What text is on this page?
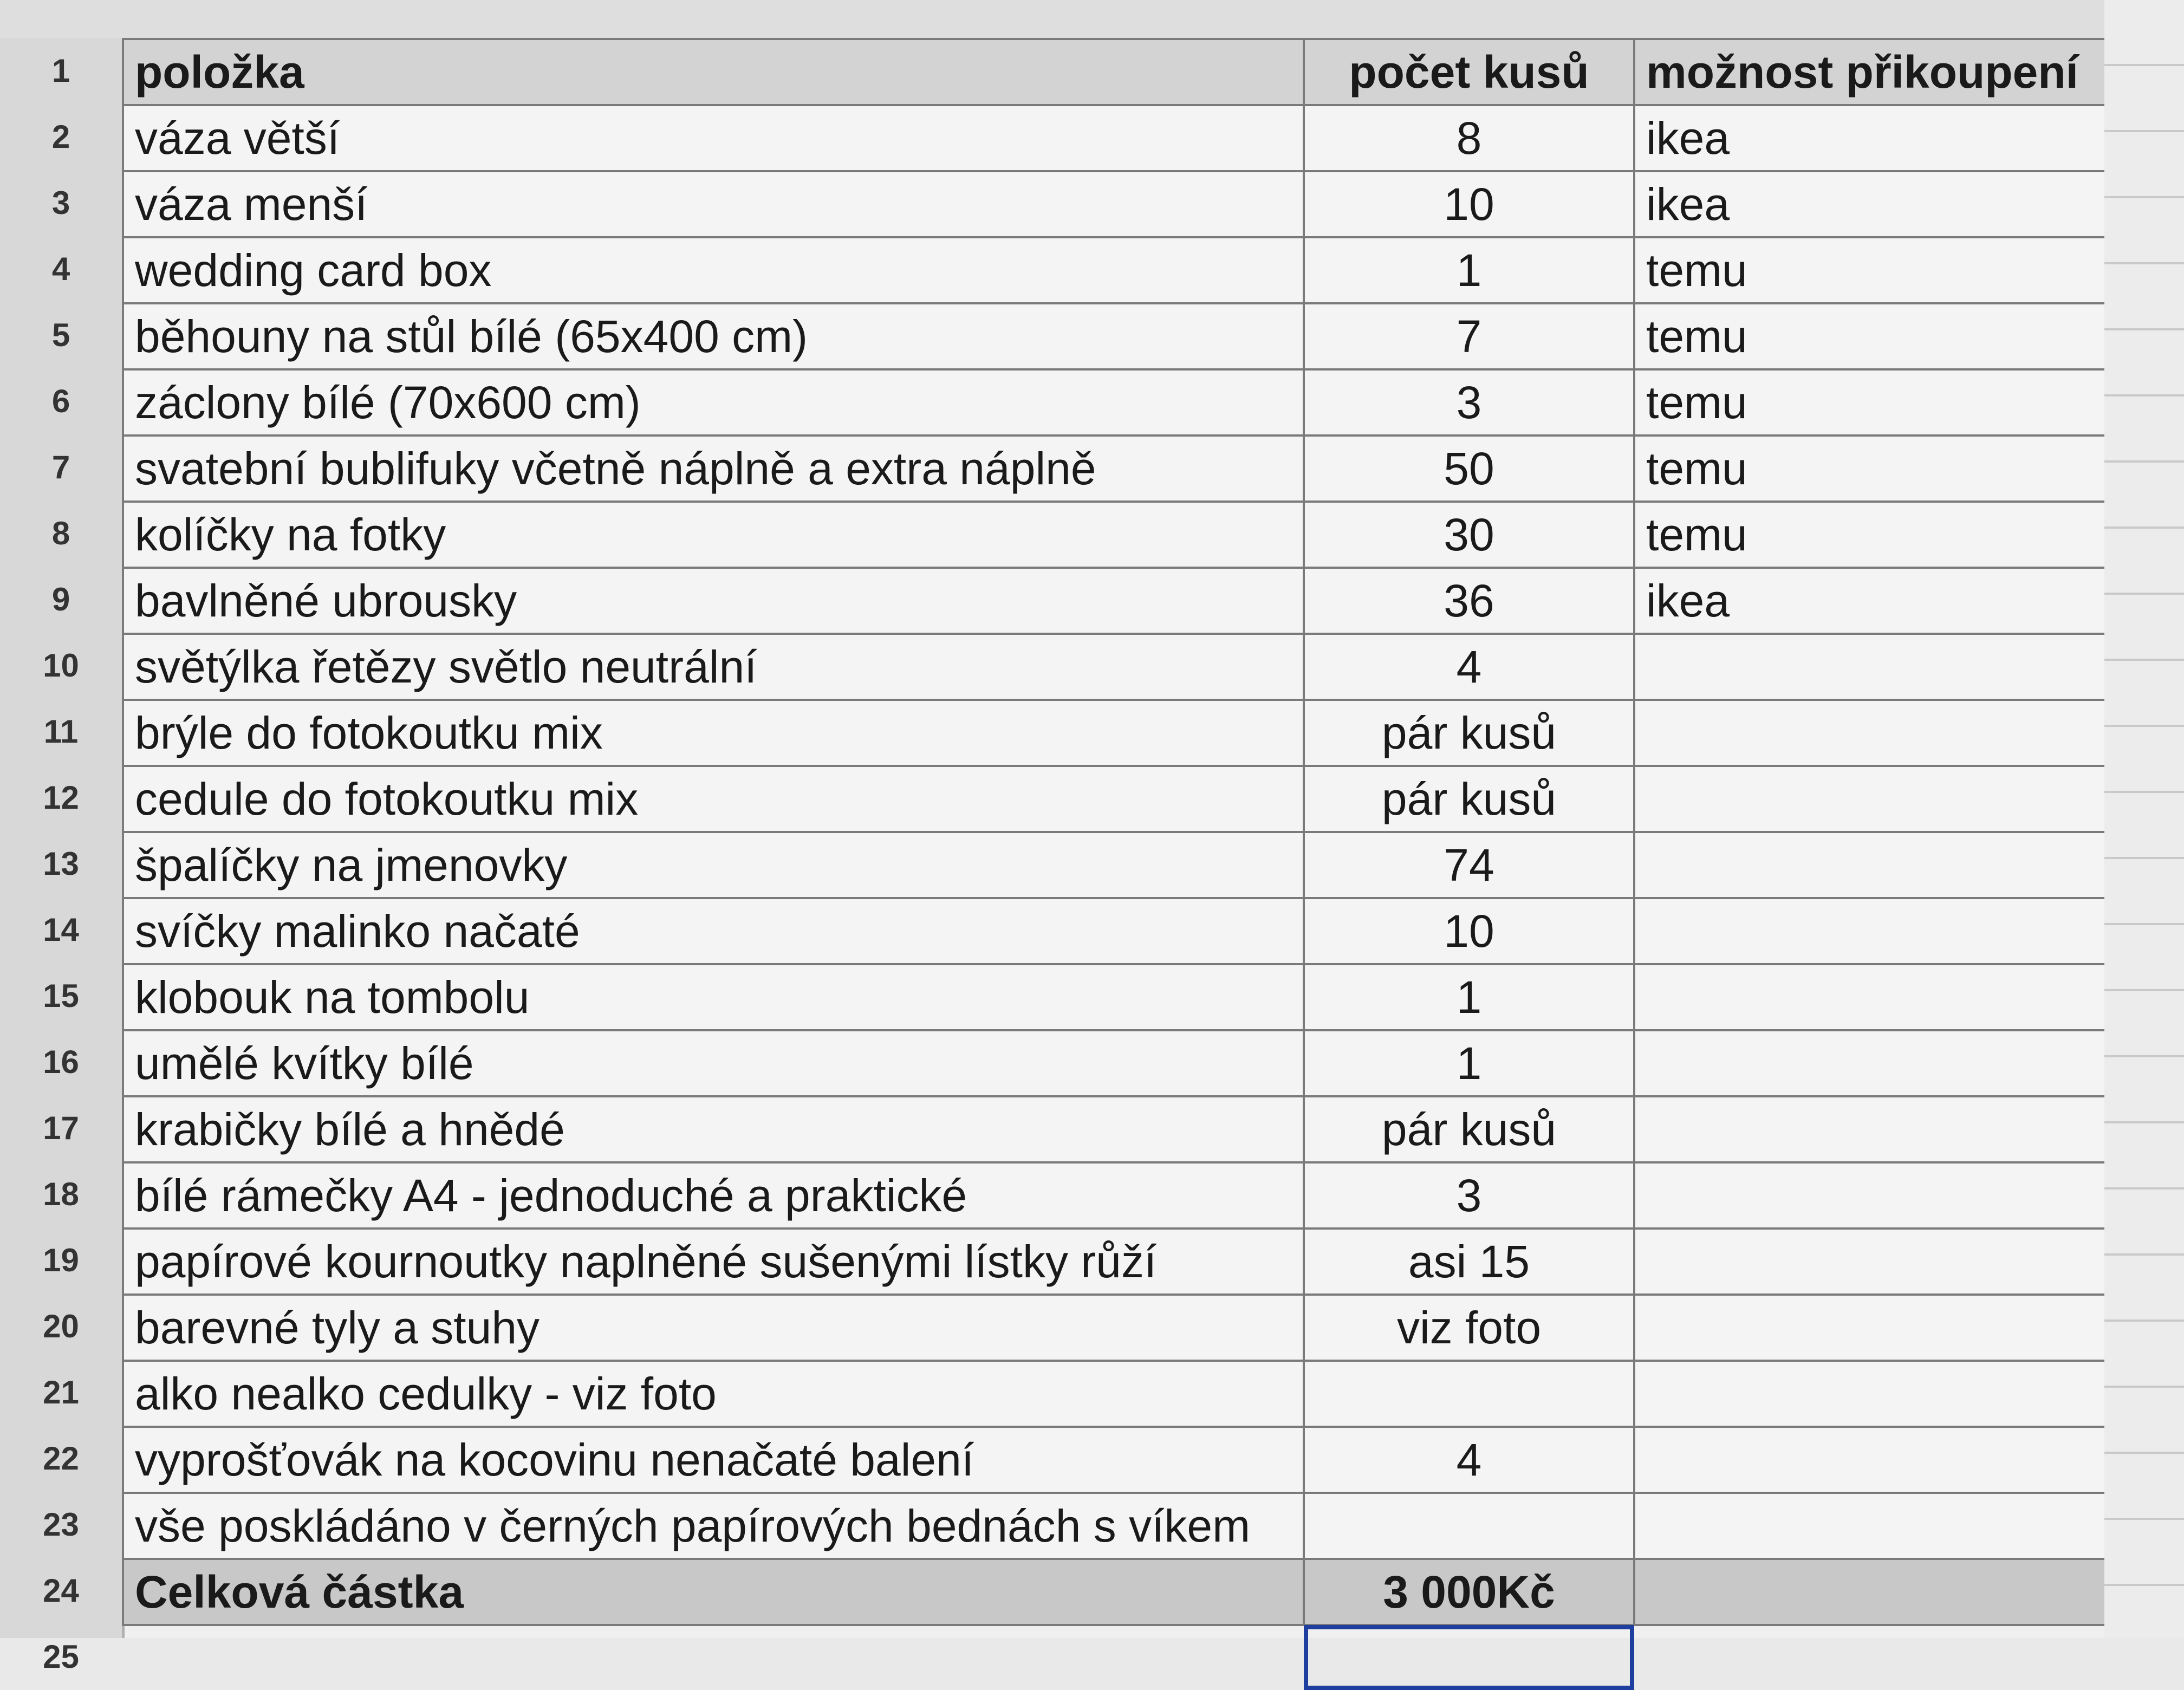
1
2
3
4
5
6
7
8
9
10
11
12
13
14
15
16
17
18
19
20
21
22
23
24
25
položka	počet kusů	možnost přikoupení
váza větší	8	ikea
váza menší	10	ikea
wedding card box	1	temu
běhouny na stůl bílé (65x400 cm)	7	temu
záclony bílé (70x600 cm)	3	temu
svatební bublifuky včetně náplně a extra náplně	50	temu
kolíčky na fotky	30	temu
bavlněné ubrousky	36	ikea
světýlka řetězy světlo neutrální	4	
brýle do fotokoutku mix	pár kusů	
cedule do fotokoutku mix	pár kusů	
špalíčky na jmenovky	74	
svíčky malinko načaté	10	
klobouk na tombolu	1	
umělé kvítky bílé	1	
krabičky bílé a hnědé	pár kusů	
bílé rámečky A4 - jednoduché a praktické	3	
papírové kournoutky naplněné sušenými lístky růží	asi 15	
barevné tyly a stuhy	viz foto	
alko nealko cedulky - viz foto		
vyprošťovák na kocovinu nenačaté balení	4	
vše poskládáno v černých papírových bednách s víkem		
Celková částka	3 000Kč	
